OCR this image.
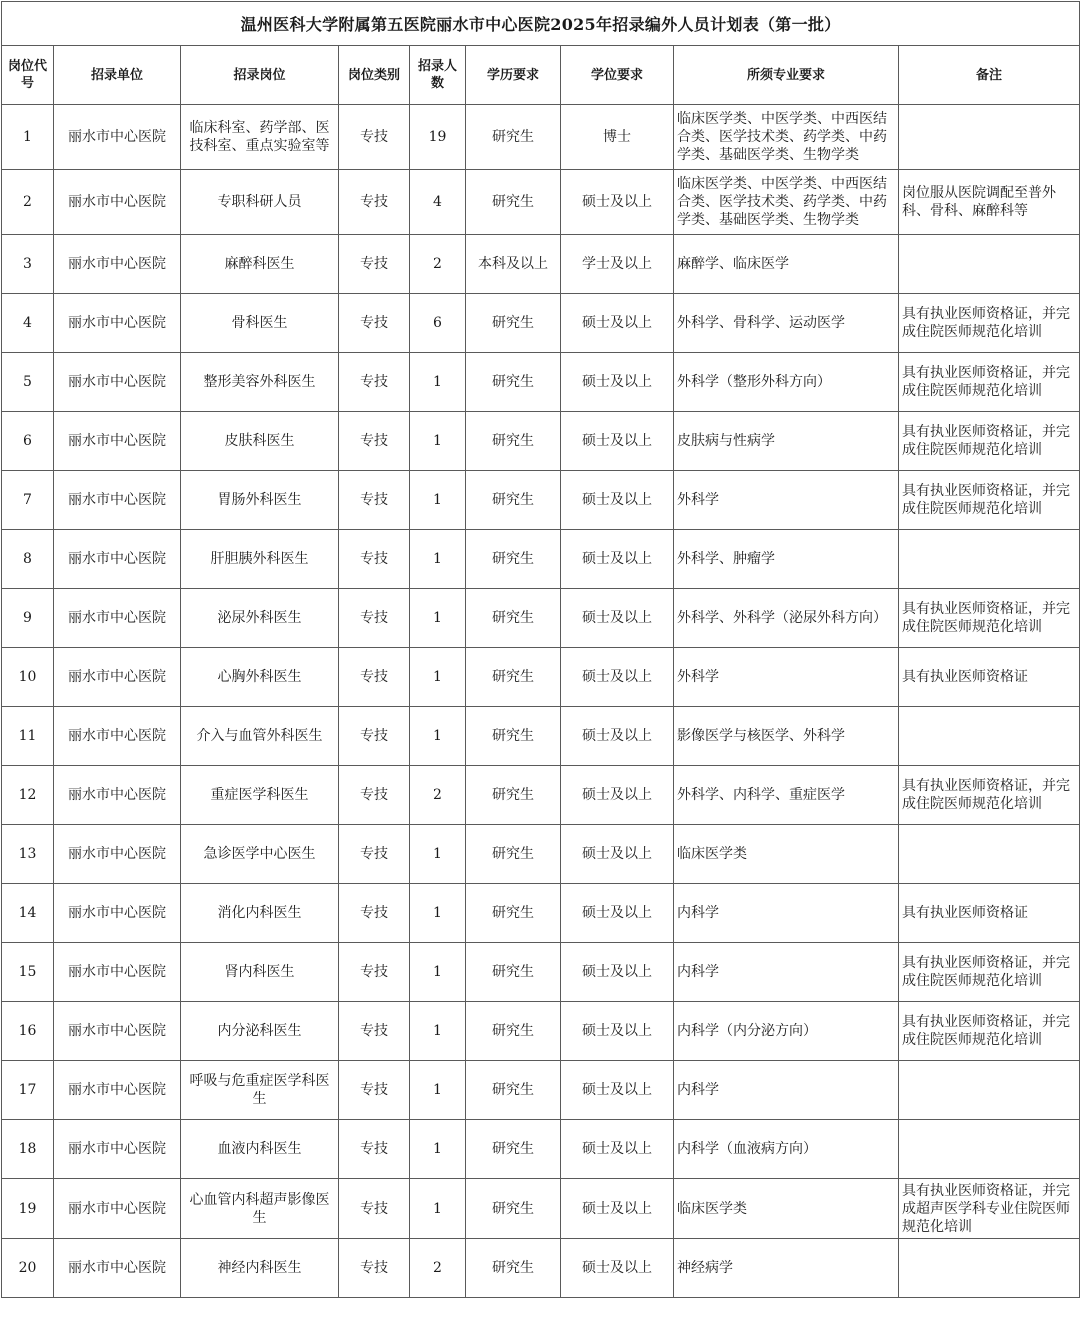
温州医科大学附属第五医院丽水市中心医院2025年招录编外人员计划表（第一批）								
岗位代号	招录单位	招录岗位	岗位类别	招录人数	学历要求	学位要求	所须专业要求	备注
1	丽水市中心医院	临床科室、药学部、医技科室、重点实验室等	专技	19	研究生	博士	临床医学类、中医学类、中西医结合类、医学技术类、药学类、中药学类、基础医学类、生物学类	
2	丽水市中心医院	专职科研人员	专技	4	研究生	硕士及以上	临床医学类、中医学类、中西医结合类、医学技术类、药学类、中药学类、基础医学类、生物学类	岗位服从医院调配至普外科、骨科、麻醉科等
3	丽水市中心医院	麻醉科医生	专技	2	本科及以上	学士及以上	麻醉学、临床医学	
4	丽水市中心医院	骨科医生	专技	6	研究生	硕士及以上	外科学、骨科学、运动医学	具有执业医师资格证，并完成住院医师规范化培训
5	丽水市中心医院	整形美容外科医生	专技	1	研究生	硕士及以上	外科学（整形外科方向）	具有执业医师资格证，并完成住院医师规范化培训
6	丽水市中心医院	皮肤科医生	专技	1	研究生	硕士及以上	皮肤病与性病学	具有执业医师资格证，并完成住院医师规范化培训
7	丽水市中心医院	胃肠外科医生	专技	1	研究生	硕士及以上	外科学	具有执业医师资格证，并完成住院医师规范化培训
8	丽水市中心医院	肝胆胰外科医生	专技	1	研究生	硕士及以上	外科学、肿瘤学	
9	丽水市中心医院	泌尿外科医生	专技	1	研究生	硕士及以上	外科学、外科学（泌尿外科方向）	具有执业医师资格证，并完成住院医师规范化培训
10	丽水市中心医院	心胸外科医生	专技	1	研究生	硕士及以上	外科学	具有执业医师资格证
11	丽水市中心医院	介入与血管外科医生	专技	1	研究生	硕士及以上	影像医学与核医学、外科学	
12	丽水市中心医院	重症医学科医生	专技	2	研究生	硕士及以上	外科学、内科学、重症医学	具有执业医师资格证，并完成住院医师规范化培训
13	丽水市中心医院	急诊医学中心医生	专技	1	研究生	硕士及以上	临床医学类	
14	丽水市中心医院	消化内科医生	专技	1	研究生	硕士及以上	内科学	具有执业医师资格证
15	丽水市中心医院	肾内科医生	专技	1	研究生	硕士及以上	内科学	具有执业医师资格证，并完成住院医师规范化培训
16	丽水市中心医院	内分泌科医生	专技	1	研究生	硕士及以上	内科学（内分泌方向）	具有执业医师资格证，并完成住院医师规范化培训
17	丽水市中心医院	呼吸与危重症医学科医生	专技	1	研究生	硕士及以上	内科学	
18	丽水市中心医院	血液内科医生	专技	1	研究生	硕士及以上	内科学（血液病方向）	
19	丽水市中心医院	心血管内科超声影像医生	专技	1	研究生	硕士及以上	临床医学类	具有执业医师资格证，并完成超声医学科专业住院医师规范化培训
20	丽水市中心医院	神经内科医生	专技	2	研究生	硕士及以上	神经病学	
